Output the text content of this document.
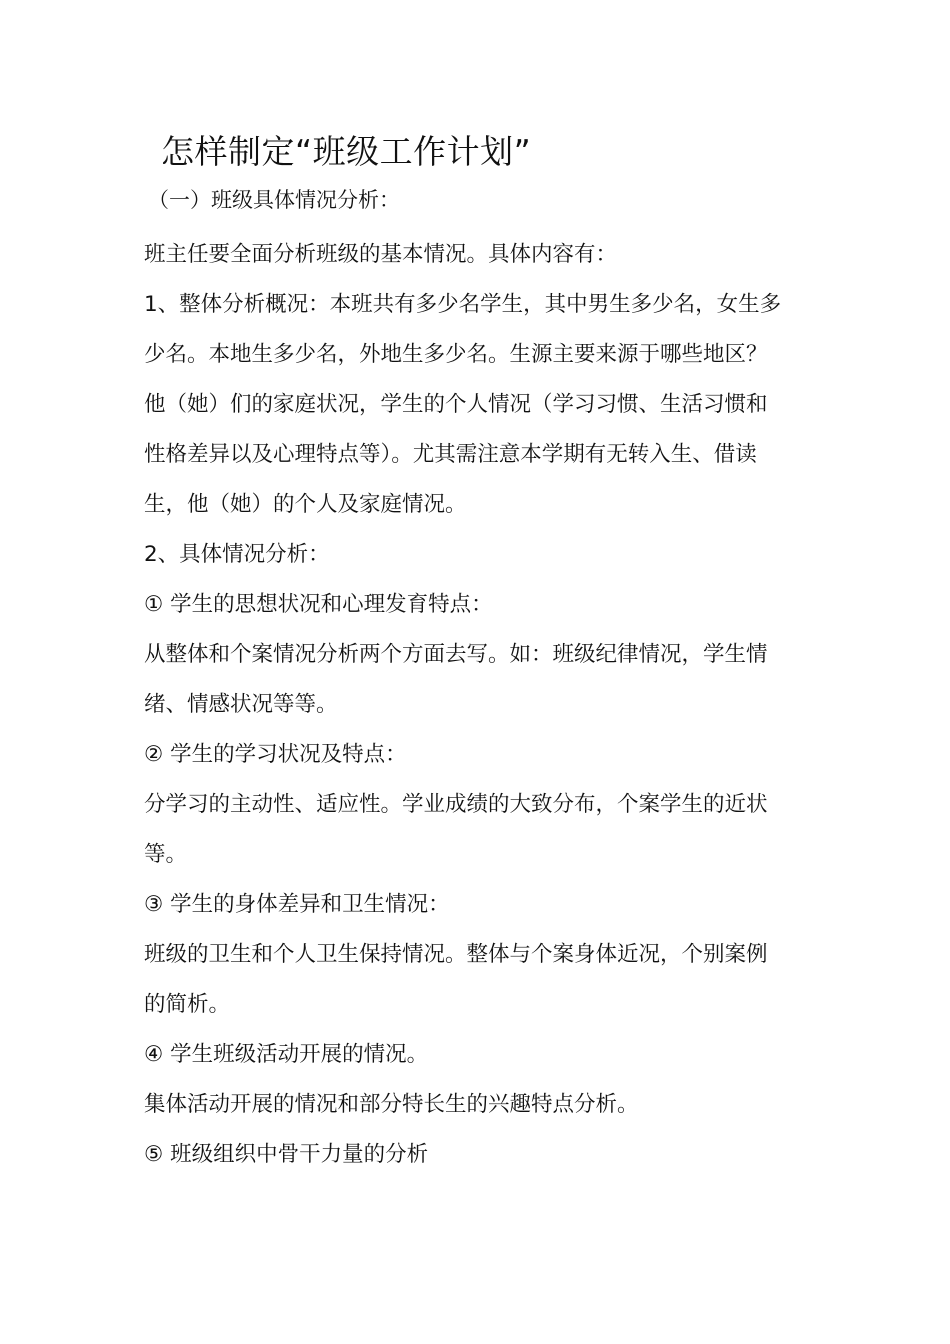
怎样制定“班级工作计划”
（一）班级具体情况分析：
班主任要全面分析班级的基本情况。具体内容有：
1、整体分析概况：本班共有多少名学生，其中男生多少名，女生多
少名。本地生多少名，外地生多少名。生源主要来源于哪些地区？
他（她）们的家庭状况，学生的个人情况（学习习惯、生活习惯和
性格差异以及心理特点等）。尤其需注意本学期有无转入生、借读
生，他（她）的个人及家庭情况。
2、具体情况分析：
① 学生的思想状况和心理发育特点：
从整体和个案情况分析两个方面去写。如：班级纪律情况，学生情
绪、情感状况等等。
② 学生的学习状况及特点：
分学习的主动性、适应性。学业成绩的大致分布，个案学生的近状
等。
③ 学生的身体差异和卫生情况：
班级的卫生和个人卫生保持情况。整体与个案身体近况，个别案例
的简析。
④ 学生班级活动开展的情况。
集体活动开展的情况和部分特长生的兴趣特点分析。
⑤ 班级组织中骨干力量的分析
